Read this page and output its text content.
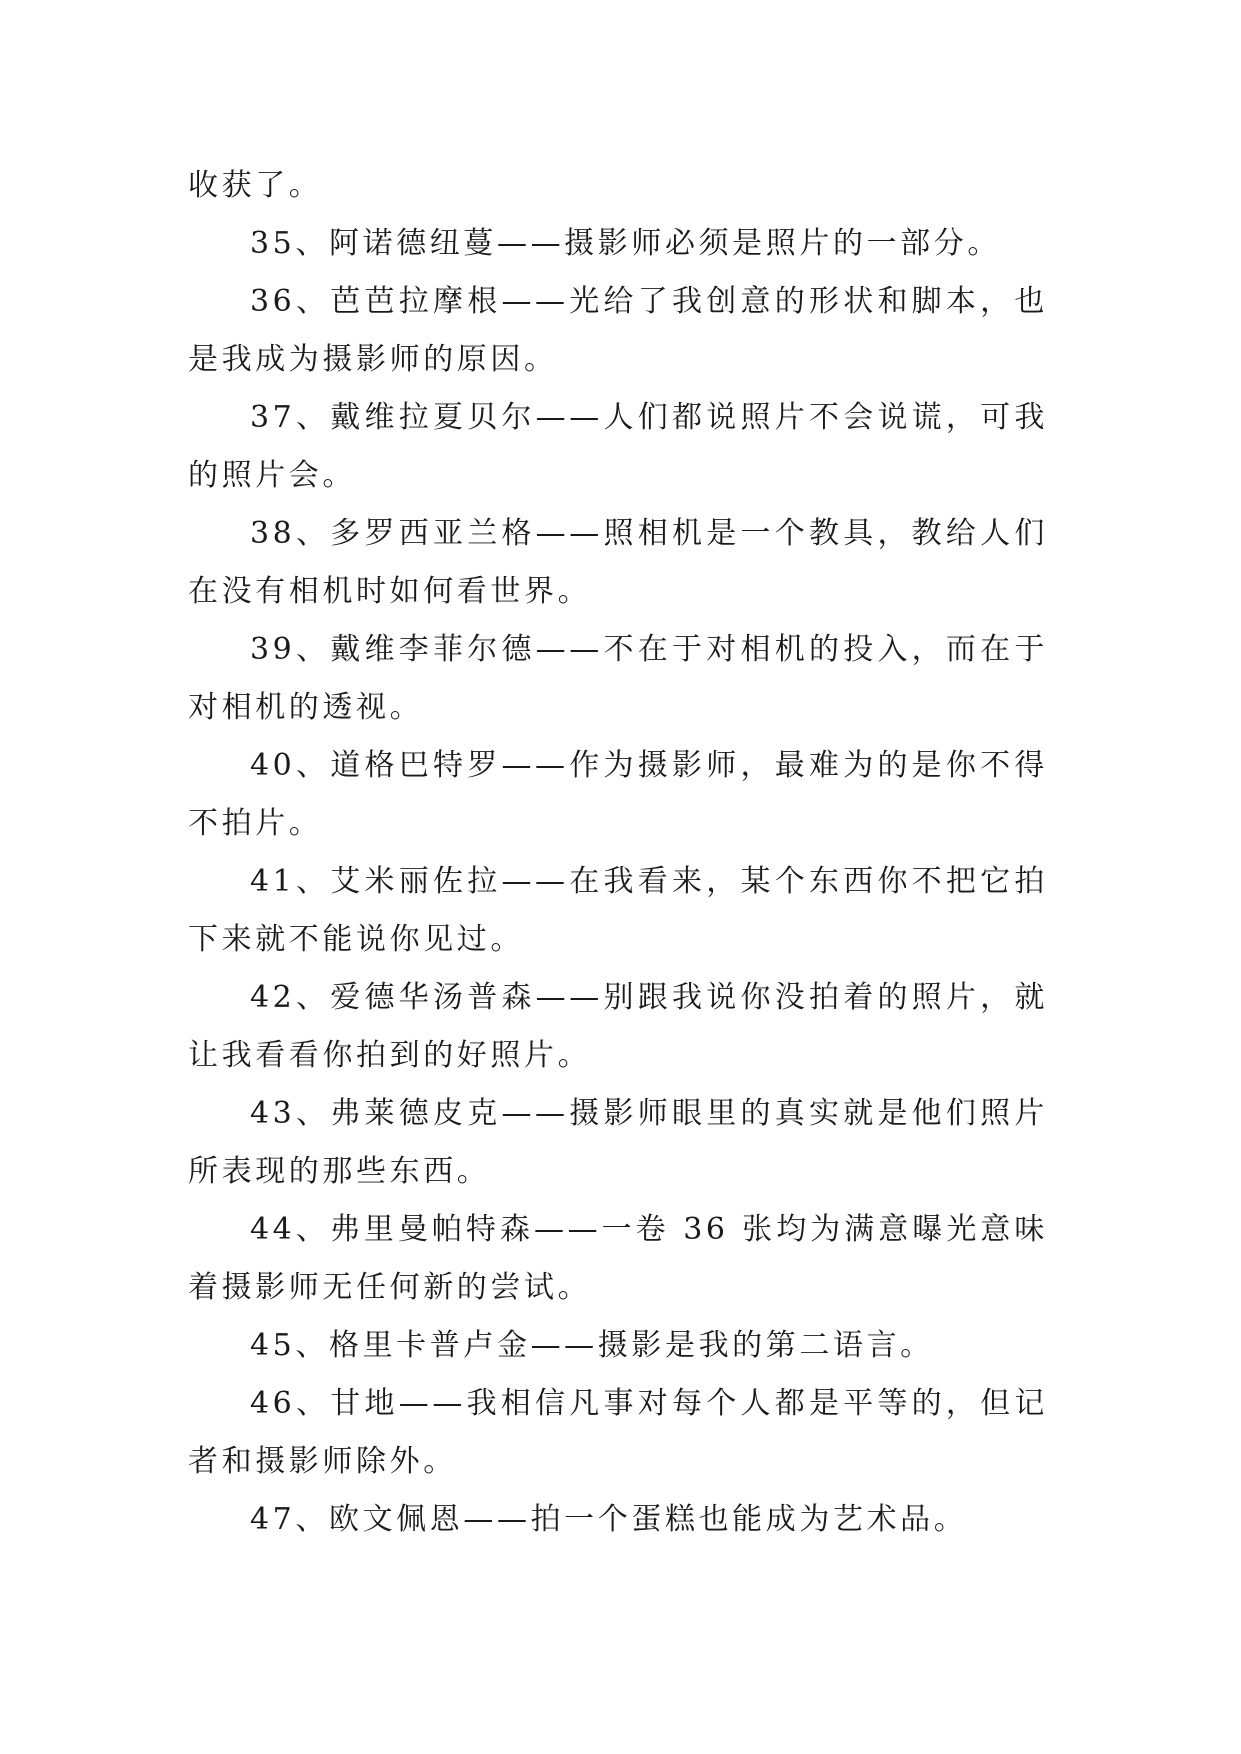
收获了。

35、阿诺德纽蔓——摄影师必须是照片的一部分。

36、芭芭拉摩根——光给了我创意的形状和脚本，也是我成为摄影师的原因。

37、戴维拉夏贝尔——人们都说照片不会说谎，可我的照片会。

38、多罗西亚兰格——照相机是一个教具，教给人们在没有相机时如何看世界。

39、戴维李菲尔德——不在于对相机的投入，而在于对相机的透视。

40、道格巴特罗——作为摄影师，最难为的是你不得不拍片。

41、艾米丽佐拉——在我看来，某个东西你不把它拍下来就不能说你见过。

42、爱德华汤普森——别跟我说你没拍着的照片，就让我看看你拍到的好照片。

43、弗莱德皮克——摄影师眼里的真实就是他们照片所表现的那些东西。

44、弗里曼帕特森——一卷 36 张均为满意曝光意味着摄影师无任何新的尝试。

45、格里卡普卢金——摄影是我的第二语言。

46、甘地——我相信凡事对每个人都是平等的，但记者和摄影师除外。

47、欧文佩恩——拍一个蛋糕也能成为艺术品。
